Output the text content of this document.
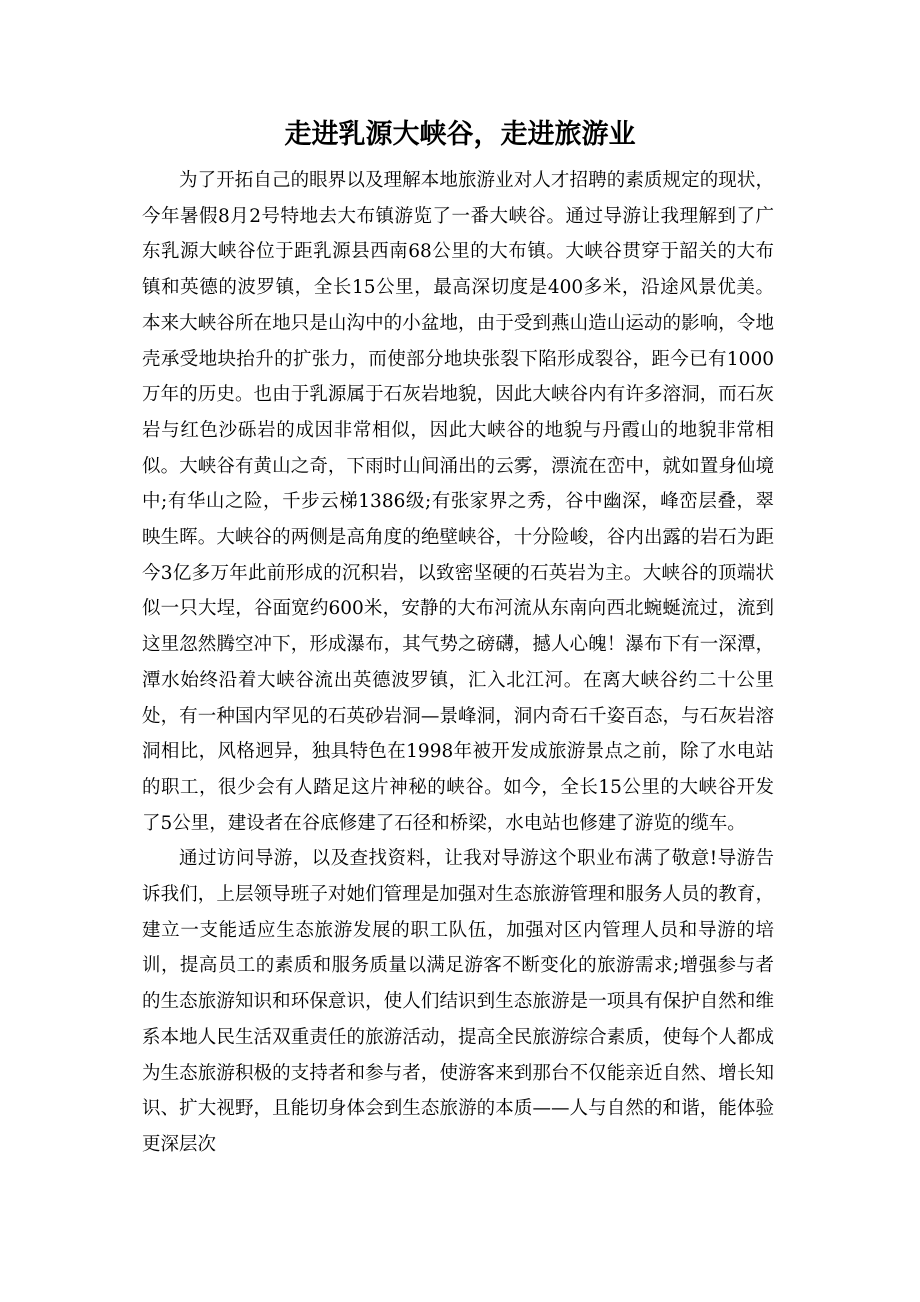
走进乳源大峡谷，走进旅游业

为了开拓自己的眼界以及理解本地旅游业对人才招聘的素质规定的现状，今年暑假8月2号特地去大布镇游览了一番大峡谷。通过导游让我理解到了广东乳源大峡谷位于距乳源县西南68公里的大布镇。大峡谷贯穿于韶关的大布镇和英德的波罗镇，全长15公里，最高深切度是400多米，沿途风景优美。本来大峡谷所在地只是山沟中的小盆地，由于受到燕山造山运动的影响，令地壳承受地块抬升的扩张力，而使部分地块张裂下陷形成裂谷，距今已有1000万年的历史。也由于乳源属于石灰岩地貌，因此大峡谷内有许多溶洞，而石灰岩与红色沙砾岩的成因非常相似，因此大峡谷的地貌与丹霞山的地貌非常相似。大峡谷有黄山之奇，下雨时山间涌出的云雾，漂流在峦中，就如置身仙境中;有华山之险，千步云梯1386级;有张家界之秀，谷中幽深，峰峦层叠，翠映生晖。大峡谷的两侧是高角度的绝壁峡谷，十分险峻，谷内出露的岩石为距今3亿多万年此前形成的沉积岩，以致密坚硬的石英岩为主。大峡谷的顶端状似一只大埕，谷面宽约600米，安静的大布河流从东南向西北蜿蜒流过，流到这里忽然腾空冲下，形成瀑布，其气势之磅礴，撼人心魄！瀑布下有一深潭，潭水始终沿着大峡谷流出英德波罗镇，汇入北江河。在离大峡谷约二十公里处，有一种国内罕见的石英砂岩洞—景峰洞，洞内奇石千姿百态，与石灰岩溶洞相比，风格迥异，独具特色在1998年被开发成旅游景点之前，除了水电站的职工，很少会有人踏足这片神秘的峡谷。如今，全长15公里的大峡谷开发了5公里，建设者在谷底修建了石径和桥梁，水电站也修建了游览的缆车。

通过访问导游，以及查找资料，让我对导游这个职业布满了敬意!导游告诉我们，上层领导班子对她们管理是加强对生态旅游管理和服务人员的教育，建立一支能适应生态旅游发展的职工队伍，加强对区内管理人员和导游的培训，提高员工的素质和服务质量以满足游客不断变化的旅游需求;增强参与者的生态旅游知识和环保意识，使人们结识到生态旅游是一项具有保护自然和维系本地人民生活双重责任的旅游活动，提高全民旅游综合素质，使每个人都成为生态旅游积极的支持者和参与者，使游客来到那台不仅能亲近自然、增长知识、扩大视野，且能切身体会到生态旅游的本质——人与自然的和谐，能体验更深层次
